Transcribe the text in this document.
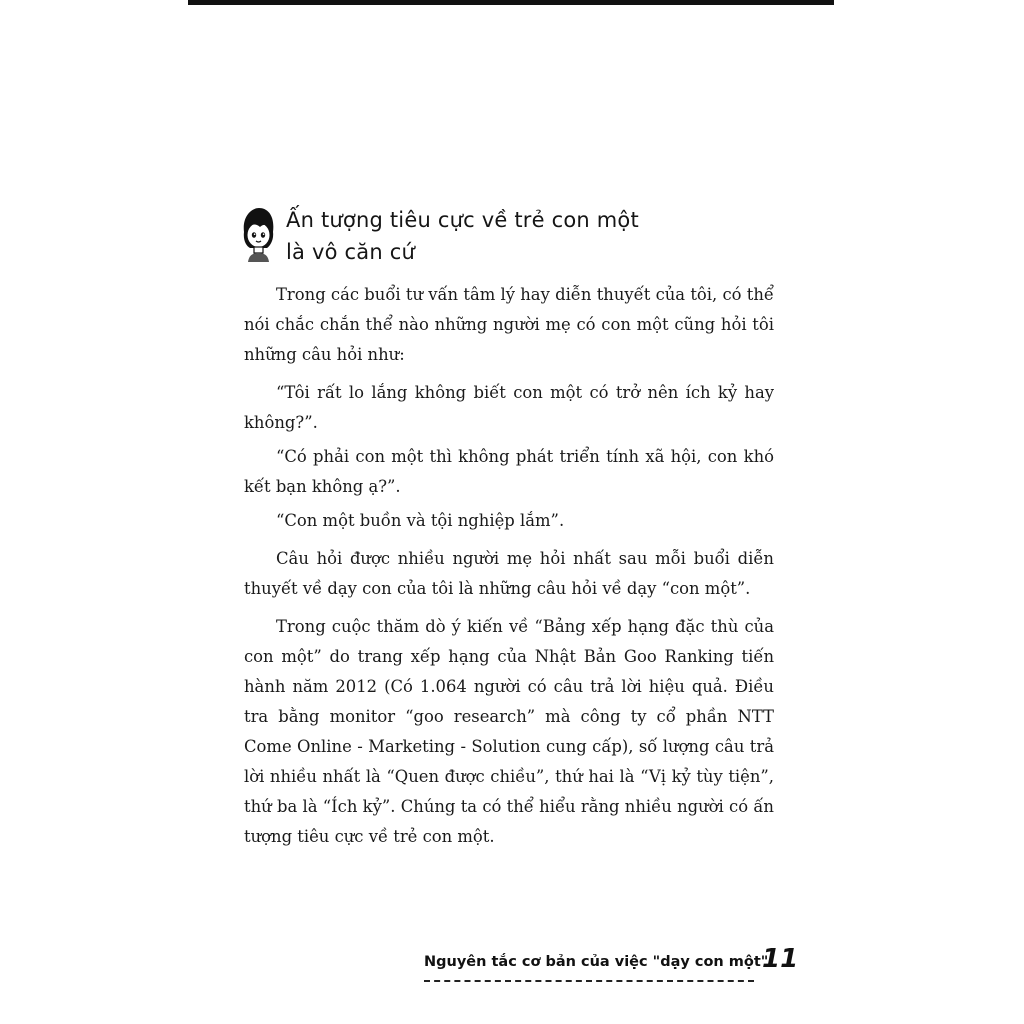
Ấn tượng tiêu cực về trẻ con một
là vô căn cứ

Trong các buổi tư vấn tâm lý hay diễn thuyết của tôi, có thể nói chắc chắn thể nào những người mẹ có con một cũng hỏi tôi những câu hỏi như:

“Tôi rất lo lắng không biết con một có trở nên ích kỷ hay không?”.

“Có phải con một thì không phát triển tính xã hội, con khó kết bạn không ạ?”.

“Con một buồn và tội nghiệp lắm”.

Câu hỏi được nhiều người mẹ hỏi nhất sau mỗi buổi diễn thuyết về dạy con của tôi là những câu hỏi về dạy “con một”.

Trong cuộc thăm dò ý kiến về “Bảng xếp hạng đặc thù của con một” do trang xếp hạng của Nhật Bản Goo Ranking tiến hành năm 2012 (Có 1.064 người có câu trả lời hiệu quả. Điều tra bằng monitor “goo research” mà công ty cổ phần NTT Come Online - Marketing - Solution cung cấp), số lượng câu trả lời nhiều nhất là “Quen được chiều”, thứ hai là “Vị kỷ tùy tiện”, thứ ba là “Ích kỷ”. Chúng ta có thể hiểu rằng nhiều người có ấn tượng tiêu cực về trẻ con một.

Nguyên tắc cơ bản của việc "dạy con một"
11
